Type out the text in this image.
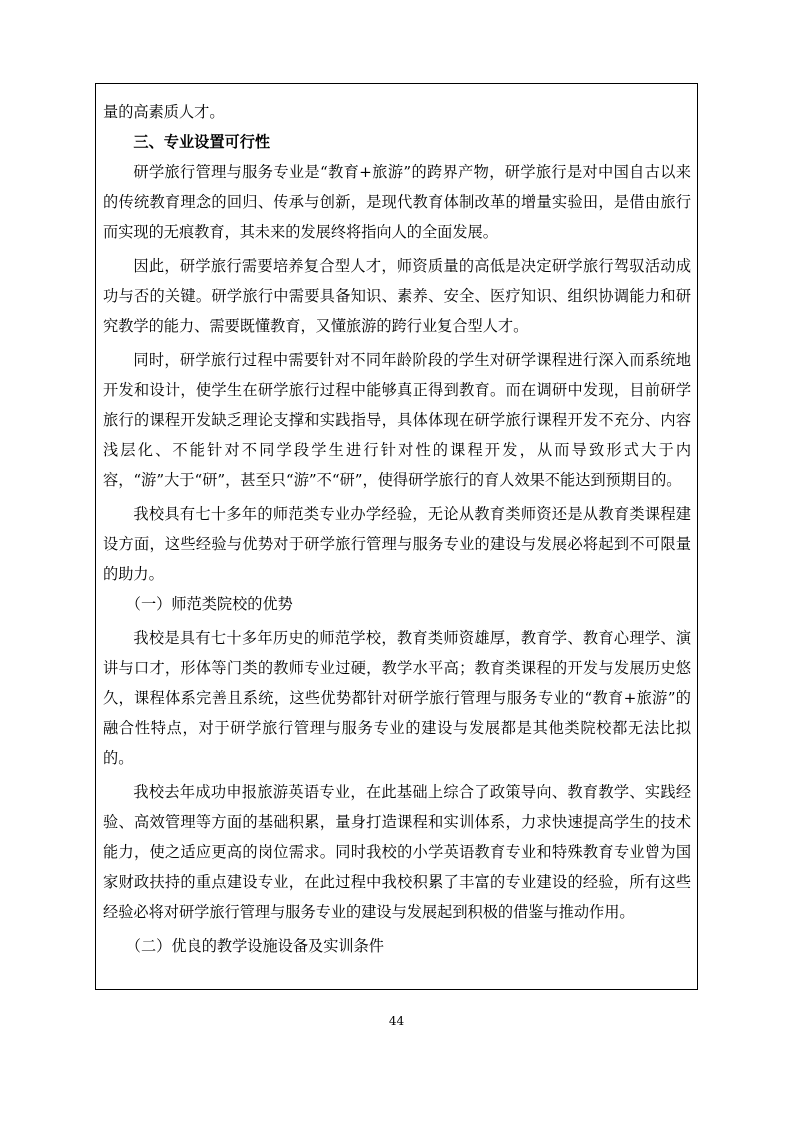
量的高素质人才。

三、专业设置可行性

研学旅行管理与服务专业是“教育+旅游”的跨界产物，研学旅行是对中国自古以来的传统教育理念的回归、传承与创新，是现代教育体制改革的增量实验田，是借由旅行而实现的无痕教育，其未来的发展终将指向人的全面发展。

因此，研学旅行需要培养复合型人才，师资质量的高低是决定研学旅行驾驭活动成功与否的关键。研学旅行中需要具备知识、素养、安全、医疗知识、组织协调能力和研究教学的能力、需要既懂教育，又懂旅游的跨行业复合型人才。

同时，研学旅行过程中需要针对不同年龄阶段的学生对研学课程进行深入而系统地开发和设计，使学生在研学旅行过程中能够真正得到教育。而在调研中发现，目前研学旅行的课程开发缺乏理论支撑和实践指导，具体体现在研学旅行课程开发不充分、内容浅层化、不能针对不同学段学生进行针对性的课程开发，从而导致形式大于内容，“游”大于“研”，甚至只“游”不“研”，使得研学旅行的育人效果不能达到预期目的。

我校具有七十多年的师范类专业办学经验，无论从教育类师资还是从教育类课程建设方面，这些经验与优势对于研学旅行管理与服务专业的建设与发展必将起到不可限量的助力。

（一）师范类院校的优势

我校是具有七十多年历史的师范学校，教育类师资雄厚，教育学、教育心理学、演讲与口才，形体等门类的教师专业过硬，教学水平高；教育类课程的开发与发展历史悠久，课程体系完善且系统，这些优势都针对研学旅行管理与服务专业的“教育+旅游”的融合性特点，对于研学旅行管理与服务专业的建设与发展都是其他类院校都无法比拟的。

我校去年成功申报旅游英语专业，在此基础上综合了政策导向、教育教学、实践经验、高效管理等方面的基础积累，量身打造课程和实训体系，力求快速提高学生的技术能力，使之适应更高的岗位需求。同时我校的小学英语教育专业和特殊教育专业曾为国家财政扶持的重点建设专业，在此过程中我校积累了丰富的专业建设的经验，所有这些经验必将对研学旅行管理与服务专业的建设与发展起到积极的借鉴与推动作用。

（二）优良的教学设施设备及实训条件

44
